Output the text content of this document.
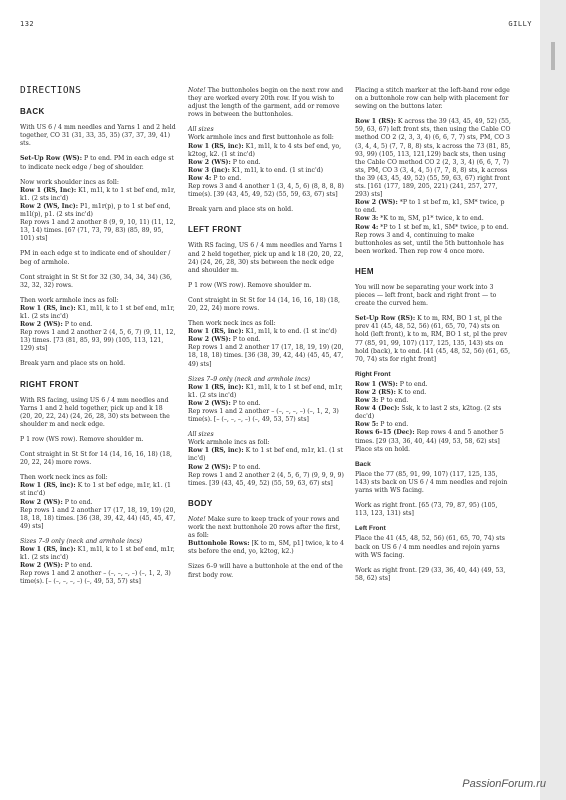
132	GILLY
DIRECTIONS
BACK

With US 6 / 4 mm needles and Yarns 1 and 2 held together, CO 31 (31, 33, 35, 35) (37, 37, 39, 41) sts.

Set-Up Row (WS): P to end. PM in each edge st to indicate neck edge / beg of shoulder.

Now work shoulder incs as foll:
Row 1 (RS, Inc): K1, m1l, k to 1 st bef end, m1r, k1. (2 sts inc'd)
Row 2 (WS, Inc): P1, m1r(p), p to 1 st bef end, m1l(p), p1. (2 sts inc'd)
Rep rows 1 and 2 another 8 (9, 9, 10, 11) (11, 12, 13, 14) times. [67 (71, 73, 79, 83) (85, 89, 95, 101) sts]

PM in each edge st to indicate end of shoulder / beg of armhole.

Cont straight in St St for 32 (30, 34, 34, 34) (36, 32, 32, 32) rows.

Then work armhole incs as foll:
Row 1 (RS, inc): K1, m1l, k to 1 st bef end, m1r, k1. (2 sts inc'd)
Row 2 (WS): P to end.
Rep rows 1 and 2 another 2 (4, 5, 6, 7) (9, 11, 12, 13) times. [73 (81, 85, 93, 99) (105, 113, 121, 129) sts]

Break yarn and place sts on hold.

RIGHT FRONT

With RS facing, using US 6 / 4 mm needles and Yarns 1 and 2 held together, pick up and k 18 (20, 20, 22, 24) (24, 26, 28, 30) sts between the shoulder m and neck edge.

P 1 row (WS row). Remove shoulder m.

Cont straight in St St for 14 (14, 16, 16, 18) (18, 20, 22, 24) more rows.

Then work neck incs as foll:
Row 1 (RS, inc): K to 1 st bef edge, m1r, k1. (1 st inc'd)
Row 2 (WS): P to end.
Rep rows 1 and 2 another 17 (17, 18, 19, 19) (20, 18, 18, 18) times. [36 (38, 39, 42, 44) (45, 45, 47, 49) sts]

Sizes 7–9 only (neck and armhole incs)
Row 1 (RS, inc): K1, m1l, k to 1 st bef end, m1r, k1. (2 sts inc'd)
Row 2 (WS): P to end.
Rep rows 1 and 2 another – (–, –, –, –) (–, 1, 2, 3) time(s). [– (–, –, –, –) (–, 49, 53, 57) sts]

Note! The buttonholes begin on the next row and they are worked every 20th row. If you wish to adjust the length of the garment, add or remove rows in between the buttonholes.

All sizes
Work armhole incs and first buttonhole as foll:
Row 1 (RS, inc): K1, m1l, k to 4 sts bef end, yo, k2tog, k2. (1 st inc'd)
Row 2 (WS): P to end.
Row 3 (inc): K1, m1l, k to end. (1 st inc'd)
Row 4: P to end.
Rep rows 3 and 4 another 1 (3, 4, 5, 6) (8, 8, 8, 8) time(s). [39 (43, 45, 49, 52) (55, 59, 63, 67) sts]

Break yarn and place sts on hold.

LEFT FRONT

With RS facing, US 6 / 4 mm needles and Yarns 1 and 2 held together, pick up and k 18 (20, 20, 22, 24) (24, 26, 28, 30) sts between the neck edge and shoulder m.

P 1 row (WS row). Remove shoulder m.

Cont straight in St St for 14 (14, 16, 16, 18) (18, 20, 22, 24) more rows.

Then work neck incs as foll:
Row 1 (RS, inc): K1, m1l, k to end. (1 st inc'd)
Row 2 (WS): P to end.
Rep rows 1 and 2 another 17 (17, 18, 19, 19) (20, 18, 18, 18) times. [36 (38, 39, 42, 44) (45, 45, 47, 49) sts]

Sizes 7–9 only (neck and armhole incs)
Row 1 (RS, inc): K1, m1l, k to 1 st bef end, m1r, k1. (2 sts inc'd)
Row 2 (WS): P to end.
Rep rows 1 and 2 another – (–, –, –, –) (–, 1, 2, 3) time(s). [– (–, –, –, –) (–, 49, 53, 57) sts]

All sizes
Work armhole incs as foll:
Row 1 (RS, inc): K to 1 st bef end, m1r, k1. (1 st inc'd)
Row 2 (WS): P to end.
Rep rows 1 and 2 another 2 (4, 5, 6, 7) (9, 9, 9, 9) times. [39 (43, 45, 49, 52) (55, 59, 63, 67) sts]

BODY

Note! Make sure to keep track of your rows and work the next buttonhole 20 rows after the first, as foll:
Buttonhole Rows: [K to m, SM, p1] twice, k to 4 sts before the end, yo, k2tog, k2.)

Sizes 6–9 will have a buttonhole at the end of the first body row.

Placing a stitch marker at the left-hand row edge on a buttonhole row can help with placement for sewing on the buttons later.

Row 1 (RS): K across the 39 (43, 45, 49, 52) (55, 59, 63, 67) left front sts, then using the Cable CO method CO 2 (2, 3, 3, 4) (6, 6, 7, 7) sts, PM, CO 3 (3, 4, 4, 5) (7, 7, 8, 8) sts, k across the 73 (81, 85, 93, 99) (105, 113, 121,129) back sts, then using the Cable CO method CO 2 (2, 3, 3, 4) (6, 6, 7, 7) sts, PM, CO 3 (3, 4, 4, 5) (7, 7, 8, 8) sts, k across the 39 (43, 45, 49, 52) (55, 59, 63, 67) right front sts. [161 (177, 189, 205, 221) (241, 257, 277, 293) sts]
Row 2 (WS): *P to 1 st bef m, k1, SM* twice, p to end.
Row 3: *K to m, SM, p1* twice, k to end.
Row 4: *P to 1 st bef m, k1, SM* twice, p to end.
Rep rows 3 and 4, continuing to make buttonholes as set, until the 5th buttonhole has been worked. Then rep row 4 once more.

HEM

You will now be separating your work into 3 pieces — left front, back and right front — to create the curved hem.

Set-Up Row (RS): K to m, RM, BO 1 st, pl the prev 41 (45, 48, 52, 56) (61, 65, 70, 74) sts on hold (left front), k to m, RM, BO 1 st, pl the prev 77 (85, 91, 99, 107) (117, 125, 135, 143) sts on hold (back), k to end. [41 (45, 48, 52, 56) (61, 65, 70, 74) sts for right front]

Right Front

Row 1 (WS): P to end.
Row 2 (RS): K to end.
Row 3: P to end.
Row 4 (Dec): Ssk, k to last 2 sts, k2tog. (2 sts dec'd)
Row 5: P to end.
Rows 6–15 (Dec): Rep rows 4 and 5 another 5 times. [29 (33, 36, 40, 44) (49, 53, 58, 62) sts]
Place sts on hold.

Back

Place the 77 (85, 91, 99, 107) (117, 125, 135, 143) sts back on US 6 / 4 mm needles and rejoin yarns with WS facing.

Work as right front. [65 (73, 79, 87, 95) (105, 113, 123, 131) sts]

Left Front

Place the 41 (45, 48, 52, 56) (61, 65, 70, 74) sts back on US 6 / 4 mm needles and rejoin yarns with WS facing.

Work as right front. [29 (33, 36, 40, 44) (49, 53, 58, 62) sts]

PassionForum.ru
